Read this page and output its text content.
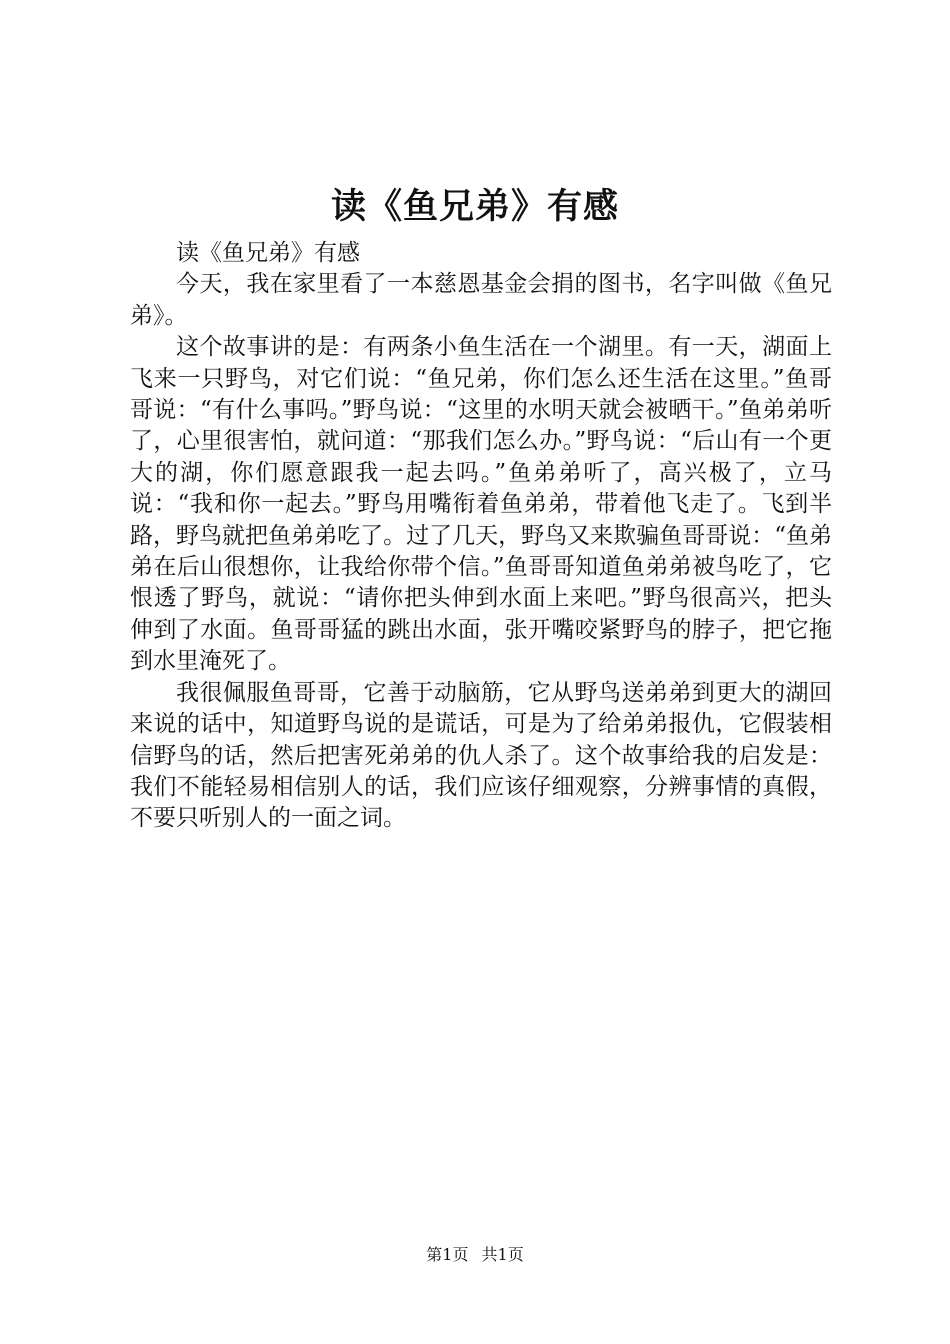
读《鱼兄弟》有感

读《鱼兄弟》有感

今天，我在家里看了一本慈恩基金会捐的图书，名字叫做《鱼兄弟》。

这个故事讲的是：有两条小鱼生活在一个湖里。有一天，湖面上飞来一只野鸟，对它们说：“鱼兄弟，你们怎么还生活在这里。”鱼哥哥说：“有什么事吗。”野鸟说：“这里的水明天就会被晒干。”鱼弟弟听了，心里很害怕，就问道：“那我们怎么办。”野鸟说：“后山有一个更大的湖，你们愿意跟我一起去吗。”鱼弟弟听了，高兴极了，立马说：“我和你一起去。”野鸟用嘴衔着鱼弟弟，带着他飞走了。飞到半路，野鸟就把鱼弟弟吃了。过了几天，野鸟又来欺骗鱼哥哥说：“鱼弟弟在后山很想你，让我给你带个信。”鱼哥哥知道鱼弟弟被鸟吃了，它恨透了野鸟，就说：“请你把头伸到水面上来吧。”野鸟很高兴，把头伸到了水面。鱼哥哥猛的跳出水面，张开嘴咬紧野鸟的脖子，把它拖到水里淹死了。

我很佩服鱼哥哥，它善于动脑筋，它从野鸟送弟弟到更大的湖回来说的话中，知道野鸟说的是谎话，可是为了给弟弟报仇，它假装相信野鸟的话，然后把害死弟弟的仇人杀了。这个故事给我的启发是：我们不能轻易相信别人的话，我们应该仔细观察，分辨事情的真假，不要只听别人的一面之词。

第1页 共1页
